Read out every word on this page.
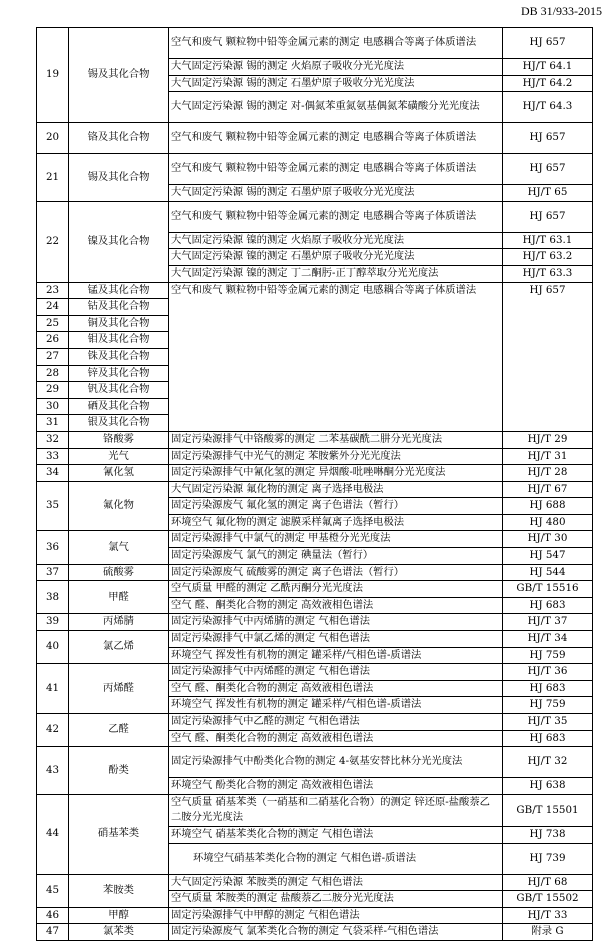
DB 31/933-2015
19	锡及其化合物	空气和废气 颗粒物中铅等金属元素的测定 电感耦合等离子体质谱法	HJ 657
		大气固定污染源 锡的测定 火焰原子吸收分光光度法	HJ/T 64.1
		大气固定污染源 锡的测定 石墨炉原子吸收分光光度法	HJ/T 64.2
		大气固定污染源 锡的测定 对-偶氮苯重氮氨基偶氮苯磺酸分光光度法	HJ/T 64.3
20	铬及其化合物	空气和废气 颗粒物中铅等金属元素的测定 电感耦合等离子体质谱法	HJ 657
21	锡及其化合物	空气和废气 颗粒物中铅等金属元素的测定 电感耦合等离子体质谱法	HJ 657
		大气固定污染源 锡的测定 石墨炉原子吸收分光光度法	HJ/T 65
22	镍及其化合物	空气和废气 颗粒物中铅等金属元素的测定 电感耦合等离子体质谱法	HJ 657
		大气固定污染源 镍的测定 火焰原子吸收分光光度法	HJ/T 63.1
		大气固定污染源 镍的测定 石墨炉原子吸收分光光度法	HJ/T 63.2
		大气固定污染源 镍的测定 丁二酮肟-正丁醇萃取分光光度法	HJ/T 63.3
23	锰及其化合物	空气和废气 颗粒物中铅等金属元素的测定 电感耦合等离子体质谱法	HJ 657
24	钴及其化合物		
25	铜及其化合物		
26	钼及其化合物		
27	铢及其化合物		
28	锌及其化合物		
29	钒及其化合物		
30	硒及其化合物		
31	银及其化合物		
32	铬酸雾	固定污染源排气中铬酸雾的测定 二苯基碳酰二肼分光光度法	HJ/T 29
33	光气	固定污染源排气中光气的测定 苯胺紫外分光光度法	HJ/T 31
34	氰化氢	固定污染源排气中氰化氢的测定 异烟酸-吡唑啉酮分光光度法	HJ/T 28
35	氟化物	大气固定污染源 氟化物的测定 离子选择电极法	HJ/T 67
		固定污染源废气 氟化氢的测定 离子色谱法（暂行）	HJ 688
		环境空气 氟化物的测定 滤膜采样氟离子选择电极法	HJ 480
36	氯气	固定污染源排气中氯气的测定 甲基橙分光光度法	HJ/T 30
		固定污染源废气 氯气的测定 碘量法（暂行）	HJ 547
37	硫酸雾	固定污染源废气 硫酸雾的测定 离子色谱法（暂行）	HJ 544
38	甲醛	空气质量 甲醛的测定 乙酰丙酮分光光度法	GB/T 15516
		空气 醛、酮类化合物的测定 高效液相色谱法	HJ 683
39	丙烯腈	固定污染源排气中丙烯腈的测定 气相色谱法	HJ/T 37
40	氯乙烯	固定污染源排气中氯乙烯的测定 气相色谱法	HJ/T 34
		环境空气 挥发性有机物的测定 罐采样/气相色谱-质谱法	HJ 759
41	丙烯醛	固定污染源排气中丙烯醛的测定 气相色谱法	HJ/T 36
		空气 醛、酮类化合物的测定 高效液相色谱法	HJ 683
		环境空气 挥发性有机物的测定 罐采样/气相色谱-质谱法	HJ 759
42	乙醛	固定污染源排气中乙醛的测定 气相色谱法	HJ/T 35
		空气 醛、酮类化合物的测定 高效液相色谱法	HJ 683
43	酚类	固定污染源排气中酚类化合物的测定 4-氨基安替比林分光光度法	HJ/T 32
		环境空气 酚类化合物的测定 高效液相色谱法	HJ 638
44	硝基苯类	空气质量 硝基苯类（一硝基和二硝基化合物）的测定 锌还原-盐酸萘乙二胺分光光度法	GB/T 15501
		环境空气 硝基苯类化合物的测定 气相色谱法	HJ 738
		环境空气硝基苯类化合物的测定 气相色谱-质谱法	HJ 739
45	苯胺类	大气固定污染源 苯胺类的测定 气相色谱法	HJ/T 68
		空气质量 苯胺类的测定 盐酸萘乙二胺分光光度法	GB/T 15502
46	甲醇	固定污染源排气中甲醇的测定 气相色谱法	HJ/T 33
47	氯苯类	固定污染源废气 氯苯类化合物的测定 气袋采样-气相色谱法	附录 G
